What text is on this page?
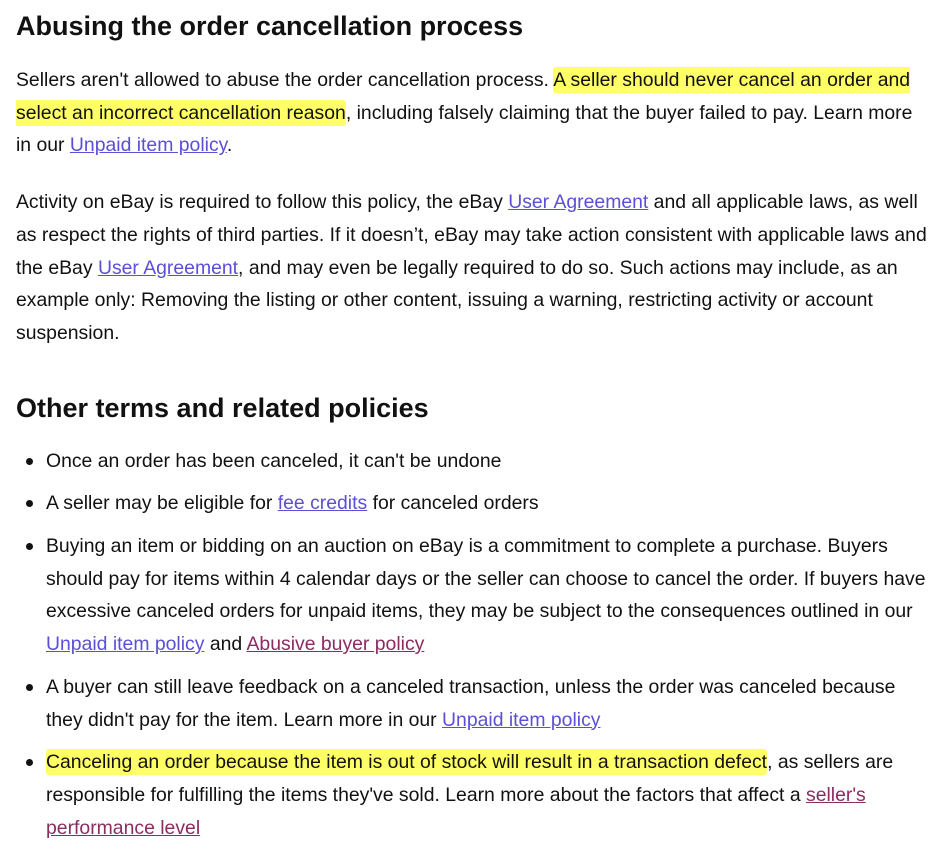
Abusing the order cancellation process

Sellers aren't allowed to abuse the order cancellation process. A seller should never cancel an order and select an incorrect cancellation reason, including falsely claiming that the buyer failed to pay. Learn more in our Unpaid item policy.

Activity on eBay is required to follow this policy, the eBay User Agreement and all applicable laws, as well as respect the rights of third parties. If it doesn’t, eBay may take action consistent with applicable laws and the eBay User Agreement, and may even be legally required to do so. Such actions may include, as an example only: Removing the listing or other content, issuing a warning, restricting activity or account suspension.

Other terms and related policies
Once an order has been canceled, it can't be undone
A seller may be eligible for fee credits for canceled orders
Buying an item or bidding on an auction on eBay is a commitment to complete a purchase. Buyers should pay for items within 4 calendar days or the seller can choose to cancel the order. If buyers have excessive canceled orders for unpaid items, they may be subject to the consequences outlined in our Unpaid item policy and Abusive buyer policy
A buyer can still leave feedback on a canceled transaction, unless the order was canceled because they didn't pay for the item. Learn more in our Unpaid item policy
Canceling an order because the item is out of stock will result in a transaction defect, as sellers are responsible for fulfilling the items they've sold. Learn more about the factors that affect a seller's performance level
